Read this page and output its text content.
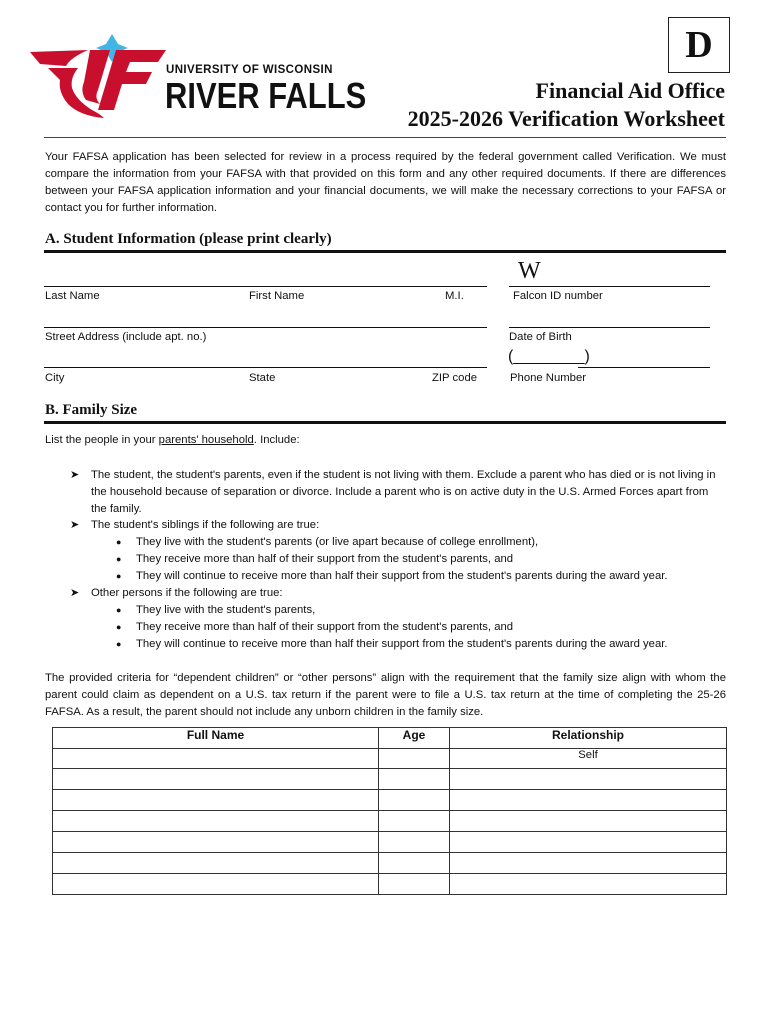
UNIVERSITY OF WISCONSIN
RIVER FALLS
D
Financial Aid Office
2025-2026 Verification Worksheet
Your FAFSA application has been selected for review in a process required by the federal government called Verification. We must compare the information from your FAFSA with that provided on this form and any other required documents. If there are differences between your FAFSA application information and your financial documents, we will make the necessary corrections to your FAFSA or contact you for further information.
A. Student Information (please print clearly)
W
Last Name	First Name	M.I.	Falcon ID number
Street Address (include apt. no.)	Date of Birth
(________)
City	State	ZIP code	Phone Number
B. Family Size
List the people in your parents' household. Include:
➤ The student, the student's parents, even if the student is not living with them. Exclude a parent who has died or is not living in the household because of separation or divorce. Include a parent who is on active duty in the U.S. Armed Forces apart from the family.
➤ The student's siblings if the following are true:
● They live with the student's parents (or live apart because of college enrollment),
● They receive more than half of their support from the student's parents, and
● They will continue to receive more than half their support from the student's parents during the award year.
➤ Other persons if the following are true:
● They live with the student's parents,
● They receive more than half of their support from the student's parents, and
● They will continue to receive more than half their support from the student's parents during the award year.
The provided criteria for “dependent children” or “other persons” align with the requirement that the family size align with whom the parent could claim as dependent on a U.S. tax return if the parent were to file a U.S. tax return at the time of completing the 25-26 FAFSA. As a result, the parent should not include any unborn children in the family size.
Full Name	Age	Relationship
		Self
